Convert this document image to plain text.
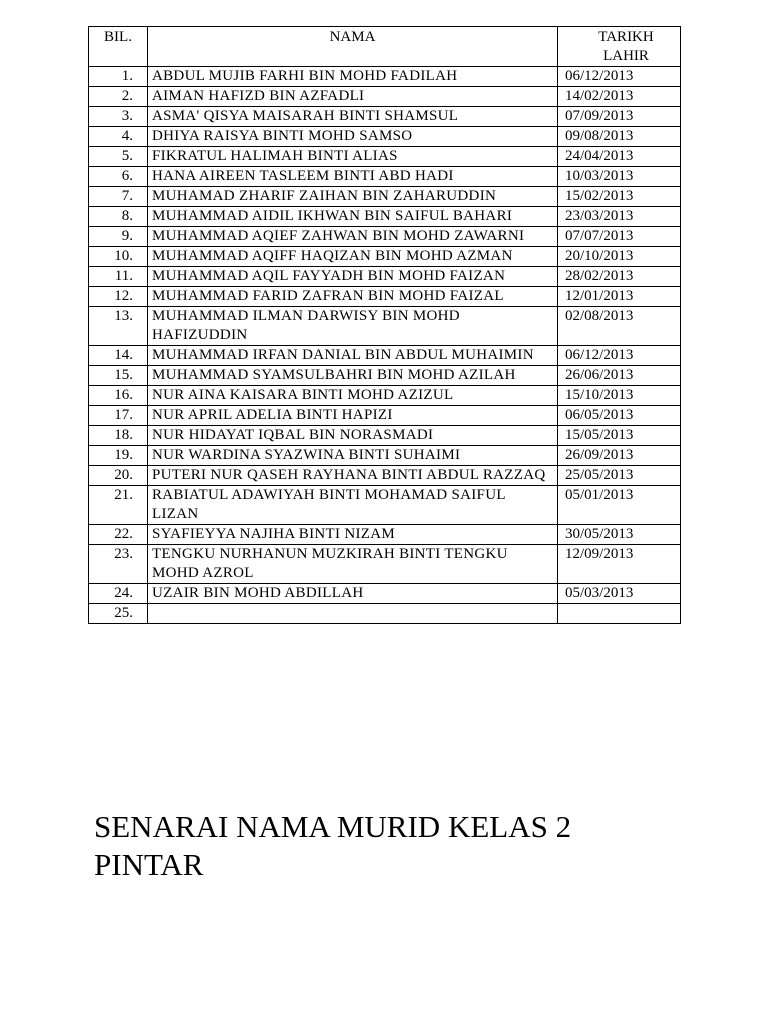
BIL.	NAMA	TARIKH
LAHIR

1.	ABDUL MUJIB FARHI BIN MOHD FADILAH	06/12/2013
2.	AIMAN HAFIZD BIN AZFADLI	14/02/2013
3.	ASMA' QISYA MAISARAH BINTI SHAMSUL	07/09/2013
4.	DHIYA RAISYA BINTI MOHD SAMSO	09/08/2013
5.	FIKRATUL HALIMAH BINTI ALIAS	24/04/2013
6.	HANA AIREEN TASLEEM BINTI ABD HADI	10/03/2013
7.	MUHAMAD ZHARIF ZAIHAN BIN ZAHARUDDIN	15/02/2013
8.	MUHAMMAD AIDIL IKHWAN BIN SAIFUL BAHARI	23/03/2013
9.	MUHAMMAD AQIEF ZAHWAN BIN MOHD ZAWARNI	07/07/2013
10.	MUHAMMAD AQIFF HAQIZAN BIN MOHD AZMAN	20/10/2013
11.	MUHAMMAD AQIL FAYYADH BIN MOHD FAIZAN	28/02/2013
12.	MUHAMMAD FARID ZAFRAN BIN MOHD FAIZAL	12/01/2013
13.	MUHAMMAD ILMAN DARWISY BIN MOHD HAFIZUDDIN	02/08/2013
14.	MUHAMMAD IRFAN DANIAL BIN ABDUL MUHAIMIN	06/12/2013
15.	MUHAMMAD SYAMSULBAHRI BIN MOHD AZILAH	26/06/2013
16.	NUR AINA KAISARA BINTI MOHD AZIZUL	15/10/2013
17.	NUR APRIL ADELIA BINTI HAPIZI	06/05/2013
18.	NUR HIDAYAT IQBAL BIN NORASMADI	15/05/2013
19.	NUR WARDINA SYAZWINA BINTI SUHAIMI	26/09/2013
20.	PUTERI NUR QASEH RAYHANA BINTI ABDUL RAZZAQ	25/05/2013
21.	RABIATUL ADAWIYAH BINTI MOHAMAD SAIFUL LIZAN	05/01/2013
22.	SYAFIEYYA NAJIHA BINTI NIZAM	30/05/2013
23.	TENGKU NURHANUN MUZKIRAH BINTI TENGKU MOHD AZROL	12/09/2013
24.	UZAIR BIN MOHD ABDILLAH	05/03/2013
25.		
SENARAI NAMA MURID KELAS 2 PINTAR
